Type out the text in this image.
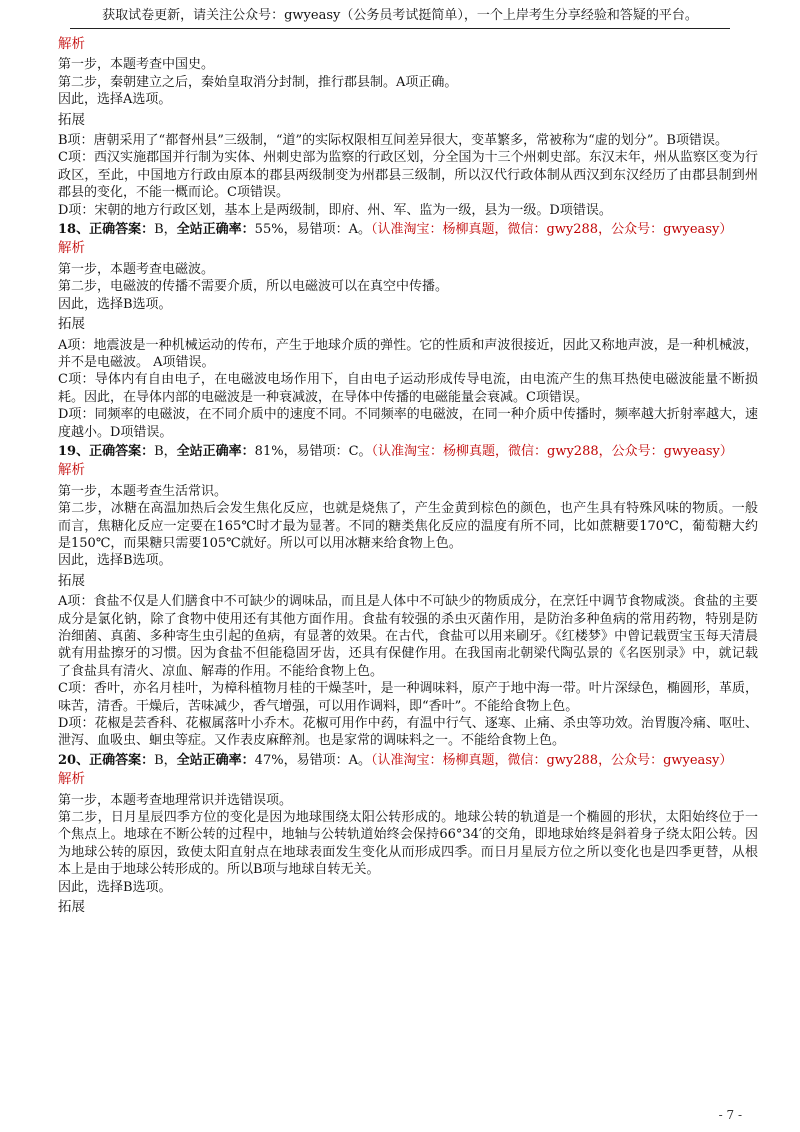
获取试卷更新，请关注公众号：gwyeasy（公务员考试挺简单），一个上岸考生分享经验和答疑的平台。
解析

第一步，本题考查中国史。

第二步，秦朝建立之后，秦始皇取消分封制，推行郡县制。A项正确。

因此，选择A选项。

拓展

B项：唐朝采用了“都督州县”三级制，“道”的实际权限相互间差异很大，变革繁多，常被称为“虚的划分”。B项错误。

C项：西汉实施郡国并行制为实体、州刺史部为监察的行政区划，分全国为十三个州刺史部。东汉末年，州从监察区变为行政区，至此，中国地方行政由原本的郡县两级制变为州郡县三级制，所以汉代行政体制从西汉到东汉经历了由郡县制到州郡县的变化，不能一概而论。C项错误。

D项：宋朝的地方行政区划，基本上是两级制，即府、州、军、监为一级，县为一级。D项错误。

18、正确答案：B，全站正确率：55%，易错项：A。（认准淘宝：杨柳真题，微信：gwy288，公众号：gwyeasy）

解析

第一步，本题考查电磁波。

第二步，电磁波的传播不需要介质，所以电磁波可以在真空中传播。

因此，选择B选项。

拓展

A项：地震波是一种机械运动的传布，产生于地球介质的弹性。它的性质和声波很接近，因此又称地声波，是一种机械波，并不是电磁波。 A项错误。

C项：导体内有自由电子，在电磁波电场作用下，自由电子运动形成传导电流，由电流产生的焦耳热使电磁波能量不断损耗。因此，在导体内部的电磁波是一种衰减波，在导体中传播的电磁能量会衰减。C项错误。

D项：同频率的电磁波，在不同介质中的速度不同。不同频率的电磁波，在同一种介质中传播时，频率越大折射率越大，速度越小。D项错误。

19、正确答案：B，全站正确率：81%，易错项：C。（认准淘宝：杨柳真题，微信：gwy288，公众号：gwyeasy）

解析

第一步，本题考查生活常识。

第二步，冰糖在高温加热后会发生焦化反应，也就是烧焦了，产生金黄到棕色的颜色，也产生具有特殊风味的物质。一般而言，焦糖化反应一定要在165℃时才最为显著。不同的糖类焦化反应的温度有所不同，比如蔗糖要170℃，葡萄糖大约是150℃，而果糖只需要105℃就好。所以可以用冰糖来给食物上色。

因此，选择B选项。

拓展

A项：食盐不仅是人们膳食中不可缺少的调味品，而且是人体中不可缺少的物质成分，在烹饪中调节食物咸淡。食盐的主要成分是氯化钠，除了食物中使用还有其他方面作用。食盐有较强的杀虫灭菌作用，是防治多种鱼病的常用药物，特别是防治细菌、真菌、多种寄生虫引起的鱼病，有显著的效果。在古代，食盐可以用来刷牙。《红楼梦》中曾记载贾宝玉每天清晨就有用盐擦牙的习惯。因为食盐不但能稳固牙齿，还具有保健作用。在我国南北朝梁代陶弘景的《名医别录》中，就记载了食盐具有清火、凉血、解毒的作用。不能给食物上色。

C项：香叶，亦名月桂叶，为樟科植物月桂的干燥茎叶，是一种调味料，原产于地中海一带。叶片深绿色，椭圆形，革质，味苦，清香。干燥后，苦味减少，香气增强，可以用作调料，即“香叶”。不能给食物上色。

D项：花椒是芸香科、花椒属落叶小乔木。花椒可用作中药，有温中行气、逐寒、止痛、杀虫等功效。治胃腹冷痛、呕吐、泄泻、血吸虫、蛔虫等症。又作表皮麻醉剂。也是家常的调味料之一。不能给食物上色。

20、正确答案：B，全站正确率：47%，易错项：A。（认准淘宝：杨柳真题，微信：gwy288，公众号：gwyeasy）

解析

第一步，本题考查地理常识并选错误项。

第二步，日月星辰四季方位的变化是因为地球围绕太阳公转形成的。地球公转的轨道是一个椭圆的形状，太阳始终位于一个焦点上。地球在不断公转的过程中，地轴与公转轨道始终会保持66°34′的交角，即地球始终是斜着身子绕太阳公转。因为地球公转的原因，致使太阳直射点在地球表面发生变化从而形成四季。而日月星辰方位之所以变化也是四季更替，从根本上是由于地球公转形成的。所以B项与地球自转无关。

因此，选择B选项。

拓展
- 7 -
